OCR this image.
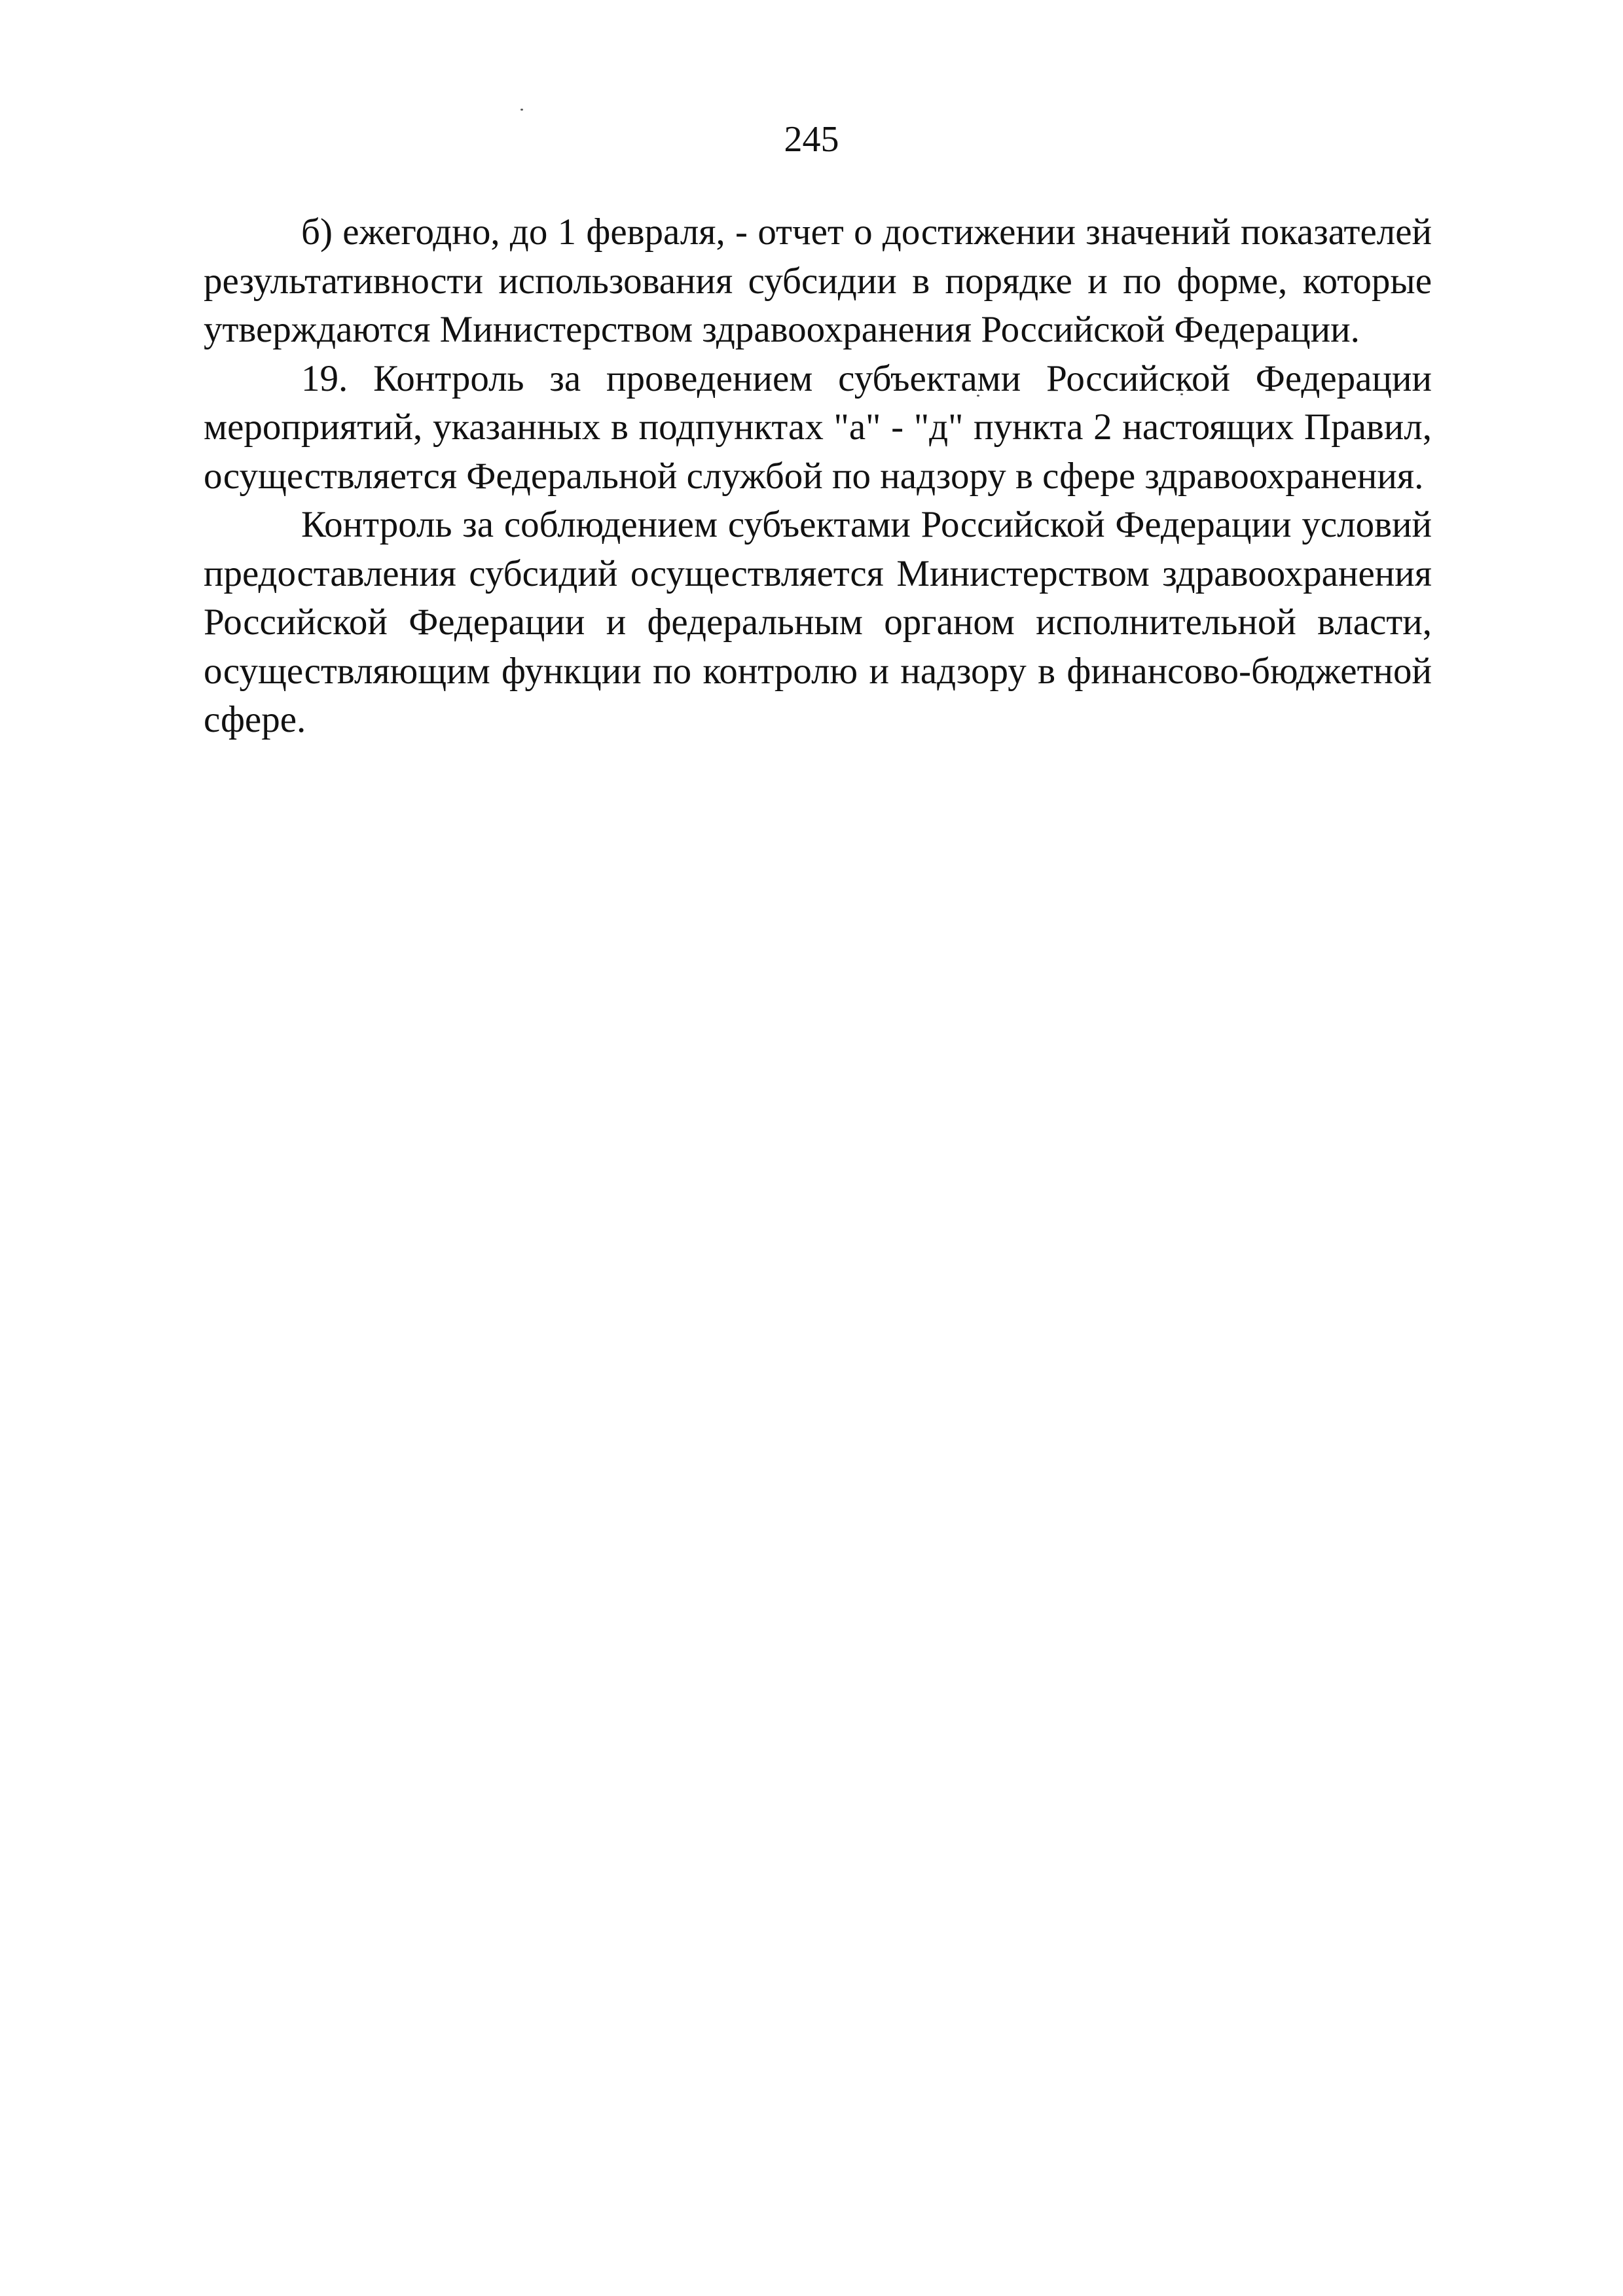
245

б) ежегодно, до 1 февраля, - отчет о достижении значений показателей результативности использования субсидии в порядке и по форме, которые утверждаются Министерством здравоохранения Российской Федерации.

19. Контроль за проведением субъектами Российской Федерации мероприятий, указанных в подпунктах "а" - "д" пункта 2 настоящих Правил, осуществляется Федеральной службой по надзору в сфере здравоохранения.

Контроль за соблюдением субъектами Российской Федерации условий предоставления субсидий осуществляется Министерством здравоохранения Российской Федерации и федеральным органом исполнительной власти, осуществляющим функции по контролю и надзору в финансово-бюджетной сфере.
